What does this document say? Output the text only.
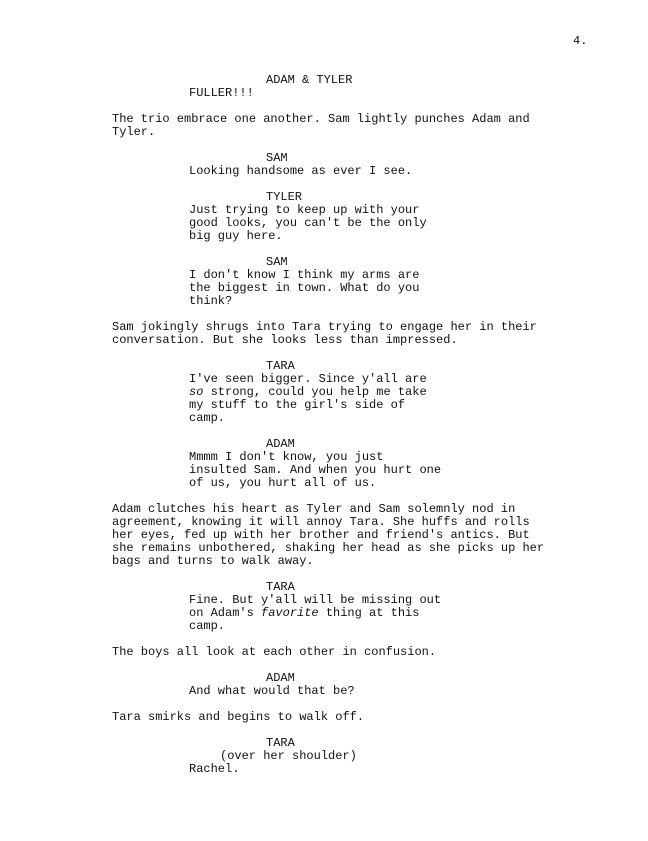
4.
ADAM & TYLER
FULLER!!!
The trio embrace one another. Sam lightly punches Adam and
Tyler.
SAM
Looking handsome as ever I see.
TYLER
Just trying to keep up with your
good looks, you can't be the only
big guy here.
SAM
I don't know I think my arms are
the biggest in town. What do you
think?
Sam jokingly shrugs into Tara trying to engage her in their
conversation. But she looks less than impressed.
TARA
I've seen bigger. Since y'all are
so strong, could you help me take
my stuff to the girl's side of
camp.
ADAM
Mmmm I don't know, you just
insulted Sam. And when you hurt one
of us, you hurt all of us.
Adam clutches his heart as Tyler and Sam solemnly nod in
agreement, knowing it will annoy Tara. She huffs and rolls
her eyes, fed up with her brother and friend's antics. But
she remains unbothered, shaking her head as she picks up her
bags and turns to walk away.
TARA
Fine. But y'all will be missing out
on Adam's favorite thing at this
camp.
The boys all look at each other in confusion.
ADAM
And what would that be?
Tara smirks and begins to walk off.
TARA
(over her shoulder)
Rachel.
